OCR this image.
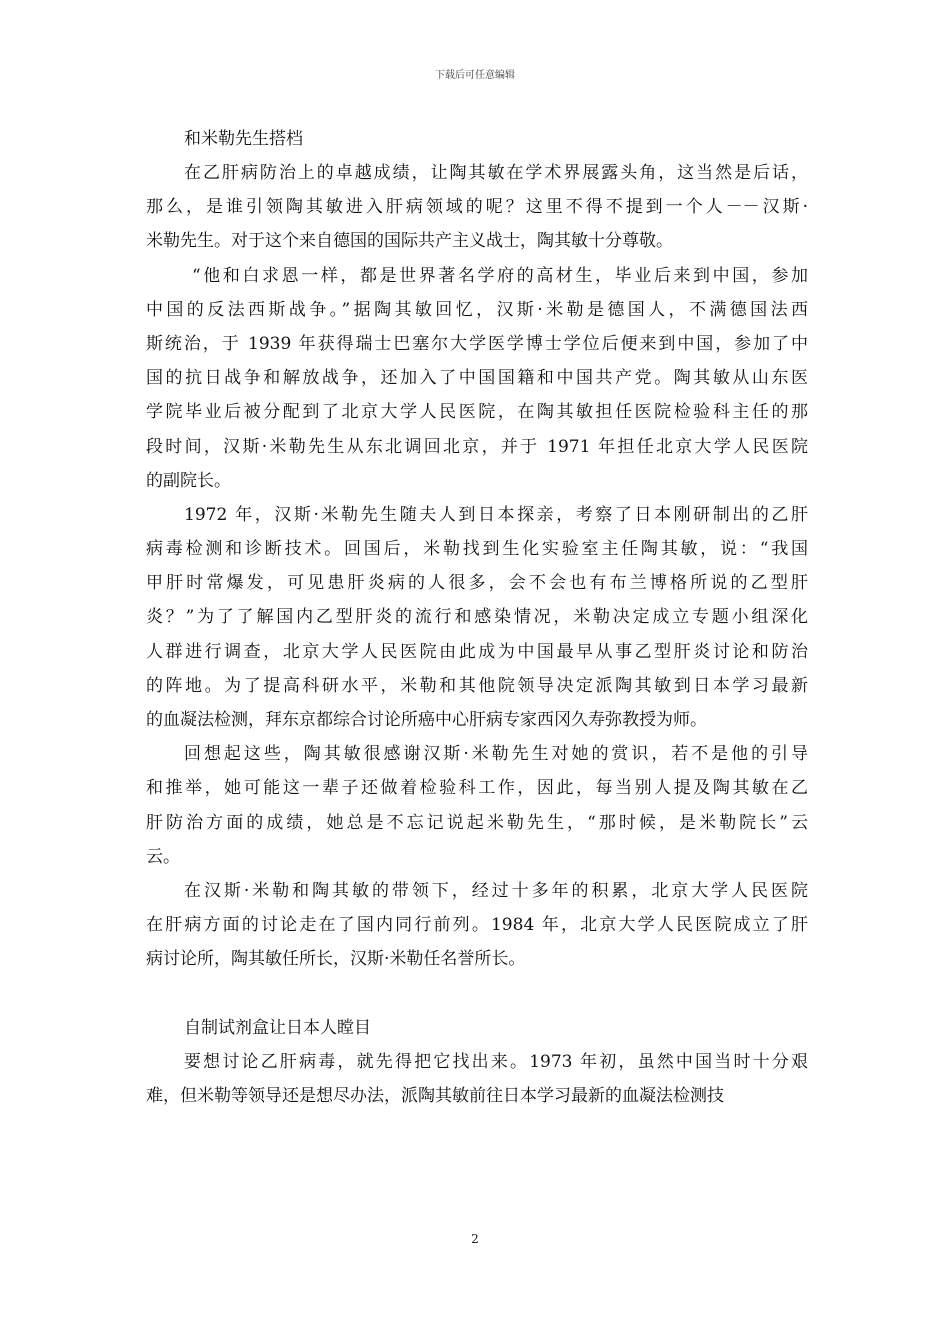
下载后可任意编辑
和米勒先生搭档
在乙肝病防治上的卓越成绩，让陶其敏在学术界展露头角，这当然是后话，
那么，是谁引领陶其敏进入肝病领域的呢？这里不得不提到一个人－－汉斯·
米勒先生。对于这个来自德国的国际共产主义战士，陶其敏十分尊敬。
“他和白求恩一样，都是世界著名学府的高材生，毕业后来到中国，参加
中国的反法西斯战争。”据陶其敏回忆，汉斯·米勒是德国人，不满德国法西
斯统治，于 1939 年获得瑞士巴塞尔大学医学博士学位后便来到中国，参加了中
国的抗日战争和解放战争，还加入了中国国籍和中国共产党。陶其敏从山东医
学院毕业后被分配到了北京大学人民医院，在陶其敏担任医院检验科主任的那
段时间，汉斯·米勒先生从东北调回北京，并于 1971 年担任北京大学人民医院
的副院长。
1972 年，汉斯·米勒先生随夫人到日本探亲，考察了日本刚研制出的乙肝
病毒检测和诊断技术。回国后，米勒找到生化实验室主任陶其敏，说：“我国
甲肝时常爆发，可见患肝炎病的人很多，会不会也有布兰博格所说的乙型肝
炎？”为了了解国内乙型肝炎的流行和感染情况，米勒决定成立专题小组深化
人群进行调查，北京大学人民医院由此成为中国最早从事乙型肝炎讨论和防治
的阵地。为了提高科研水平，米勒和其他院领导决定派陶其敏到日本学习最新
的血凝法检测，拜东京都综合讨论所癌中心肝病专家西冈久寿弥教授为师。
回想起这些，陶其敏很感谢汉斯·米勒先生对她的赏识，若不是他的引导
和推举，她可能这一辈子还做着检验科工作，因此，每当别人提及陶其敏在乙
肝防治方面的成绩，她总是不忘记说起米勒先生，“那时候，是米勒院长”云
云。
在汉斯·米勒和陶其敏的带领下，经过十多年的积累，北京大学人民医院
在肝病方面的讨论走在了国内同行前列。1984 年，北京大学人民医院成立了肝
病讨论所，陶其敏任所长，汉斯·米勒任名誉所长。
自制试剂盒让日本人瞠目
要想讨论乙肝病毒，就先得把它找出来。1973 年初，虽然中国当时十分艰
难，但米勒等领导还是想尽办法，派陶其敏前往日本学习最新的血凝法检测技
2
